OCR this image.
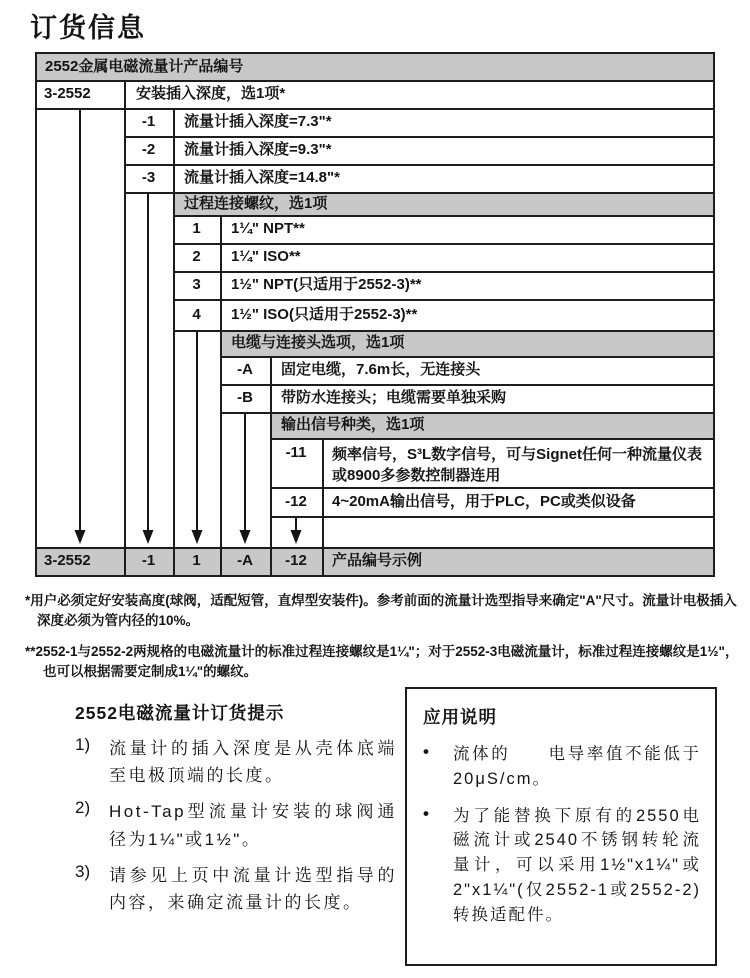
订货信息
2552金属电磁流量计产品编号
3-2552	安装插入深度，选1项*
-1	流量计插入深度=7.3"*
-2	流量计插入深度=9.3"*
-3	流量计插入深度=14.8"*
过程连接螺纹，选1项
1	1¼" NPT**
2	1¼" ISO**
3	1½" NPT(只适用于2552-3)**
4	1½" ISO(只适用于2552-3)**
电缆与连接头选项，选1项
-A	固定电缆，7.6m长，无连接头
-B	带防水连接头；电缆需要单独采购
输出信号种类，选1项
-11	频率信号，S³L数字信号，可与Signet任何一种流量仪表或8900多参数控制器连用
-12	4~20mA输出信号，用于PLC，PC或类似设备
3-2552	-1	1	-A	-12	产品编号示例
*用户必须定好安装高度(球阀，适配短管，直焊型安装件)。参考前面的流量计选型指导来确定"A"尺寸。流量计电极插入深度必须为管内径的10%。
**2552-1与2552-2两规格的电磁流量计的标准过程连接螺纹是1¼"；对于2552-3电磁流量计，标准过程连接螺纹是1½"，也可以根据需要定制成1¼"的螺纹。
2552电磁流量计订货提示
1)	流量计的插入深度是从壳体底端至电极顶端的长度。
2)	Hot-Tap型流量计安装的球阀通径为1¼"或1½"。
3)	请参见上页中流量计选型指导的内容，来确定流量计的长度。
应用说明
•	流体的　　电导率值不能低于20μS/cm。
•	为了能替换下原有的2550电磁流计或2540不锈钢转轮流量计，可以采用1½"x1¼"或2"x1¼"(仅2552-1或2552-2)转换适配件。
